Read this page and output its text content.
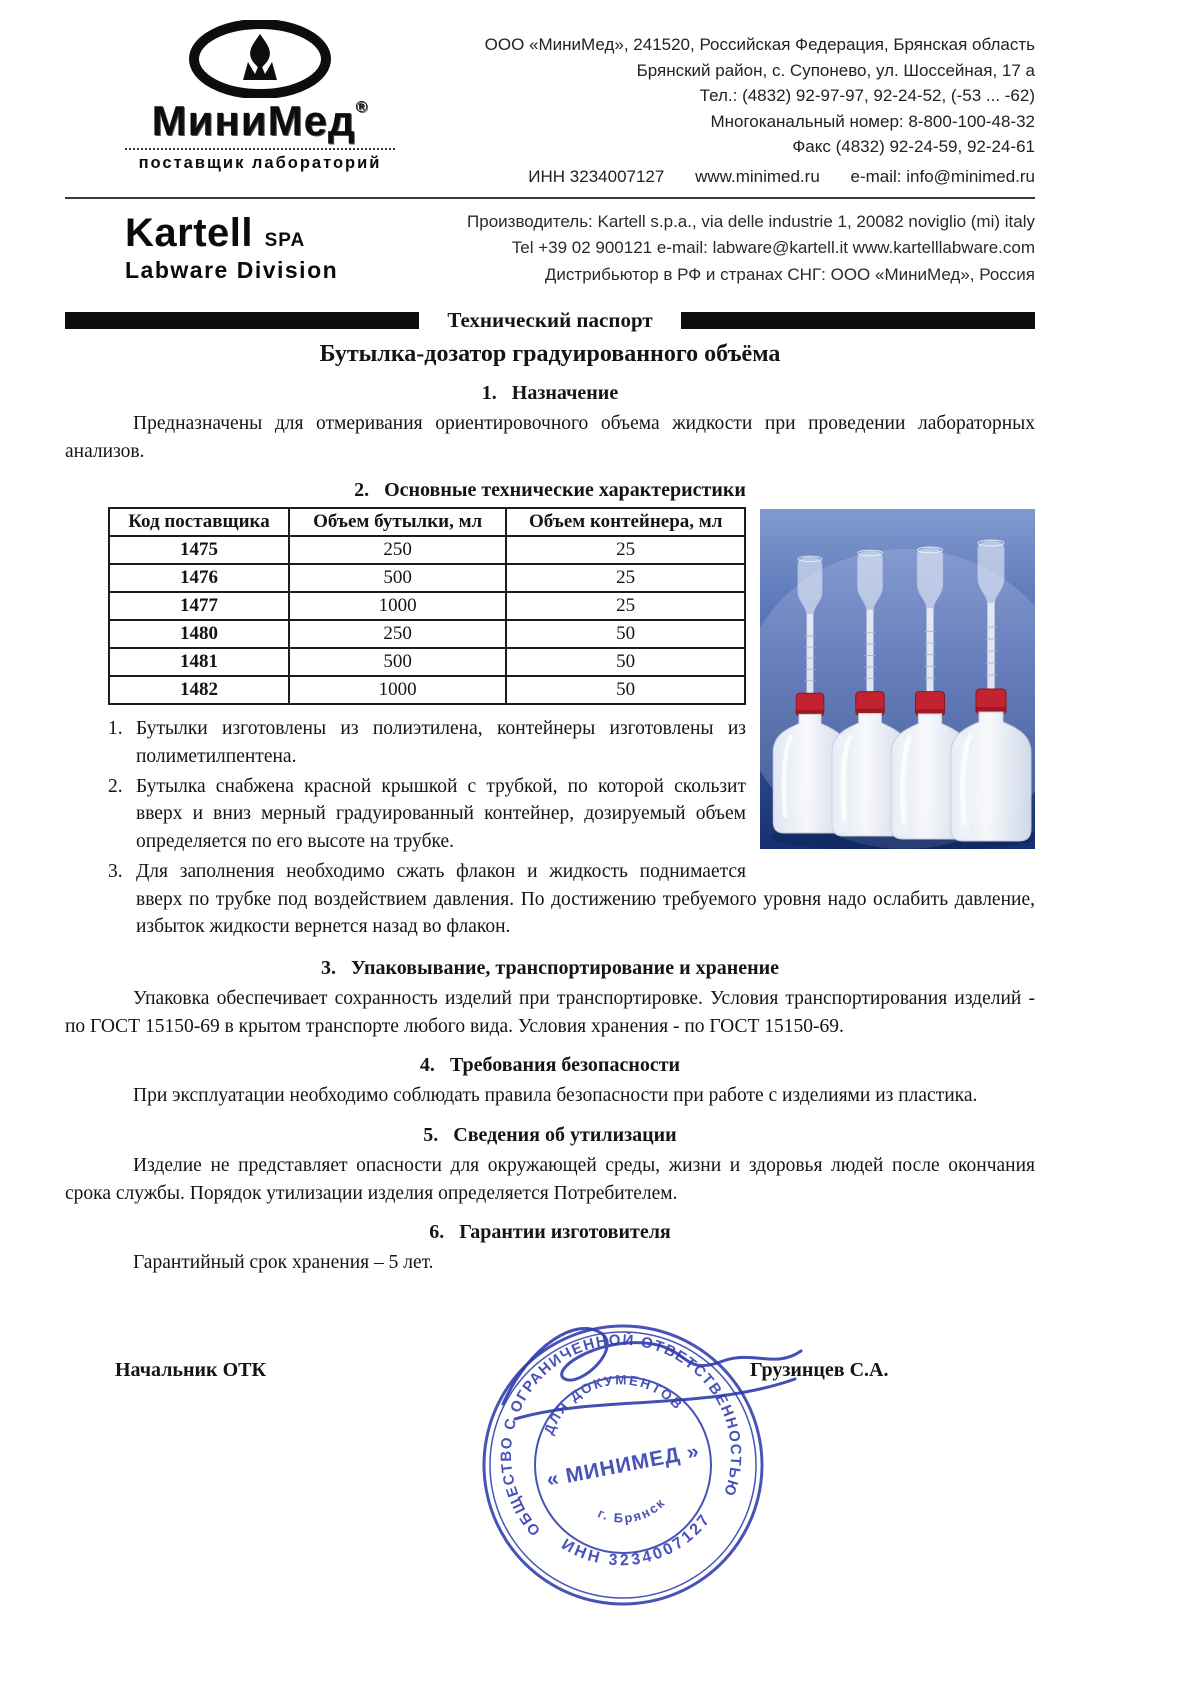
МиниМед®
поставщик лабораторий
ООО «МиниМед», 241520, Российская Федерация, Брянская область
Брянский район, с. Супонево, ул. Шоссейная, 17 а
Тел.: (4832) 92-97-97, 92-24-52, (-53 ... -62)
Многоканальный номер: 8-800-100-48-32
Факс (4832) 92-24-59, 92-24-61
ИНН 3234007127 www.minimed.ru e-mail: info@minimed.ru
Kartell SPA
Labware Division
Производитель: Kartell s.p.a., via delle industrie 1, 20082 noviglio (mi) italy
Tel +39 02 900121 e-mail: labware@kartell.it www.kartelllabware.com
Дистрибьютор в РФ и странах СНГ: ООО «МиниМед», Россия
Технический паспорт
Бутылка-дозатор градуированного объёма
1.   Назначение

Предназначены для отмеривания ориентировочного объема жидкости при проведении лабораторных анализов.

2.   Основные технические характеристики
Код поставщика	Объем бутылки, мл	Объем контейнера, мл
1475	250	25
1476	500	25
1477	1000	25
1480	250	50
1481	500	50
1482	1000	50
1. Бутылки изготовлены из полиэтилена, контейнеры изготовлены из полиметилпентена.
2. Бутылка снабжена красной крышкой с трубкой, по которой скользит вверх и вниз мерный градуированный контейнер, дозируемый объем определяется по его высоте на трубке.
3. Для заполнения необходимо сжать флакон и жидкость поднимается вверх по трубке под воздействием давления. По достижению требуемого уровня надо ослабить давление, избыток жидкости вернется назад во флакон.
3.   Упаковывание, транспортирование и хранение

Упаковка обеспечивает сохранность изделий при транспортировке. Условия транспортирования изделий - по ГОСТ 15150-69 в крытом транспорте любого вида. Условия хранения - по ГОСТ 15150-69.

4.   Требования безопасности

При эксплуатации необходимо соблюдать правила безопасности при работе с изделиями из пластика.

5.   Сведения об утилизации

Изделие не представляет опасности для окружающей среды, жизни и здоровья людей после окончания срока службы. Порядок утилизации изделия определяется Потребителем.

6.   Гарантии изготовителя

Гарантийный срок хранения – 5 лет.

Начальник ОТК	Грузинцев С.А.
ОБЩЕСТВО С ОГРАНИЧЕННОЙ ОТВЕТСТВЕННОСТЬЮ
ИНН 3234007127
ДЛЯ ДОКУМЕНТОВ
« МИНИМЕД »
г. Брянск
